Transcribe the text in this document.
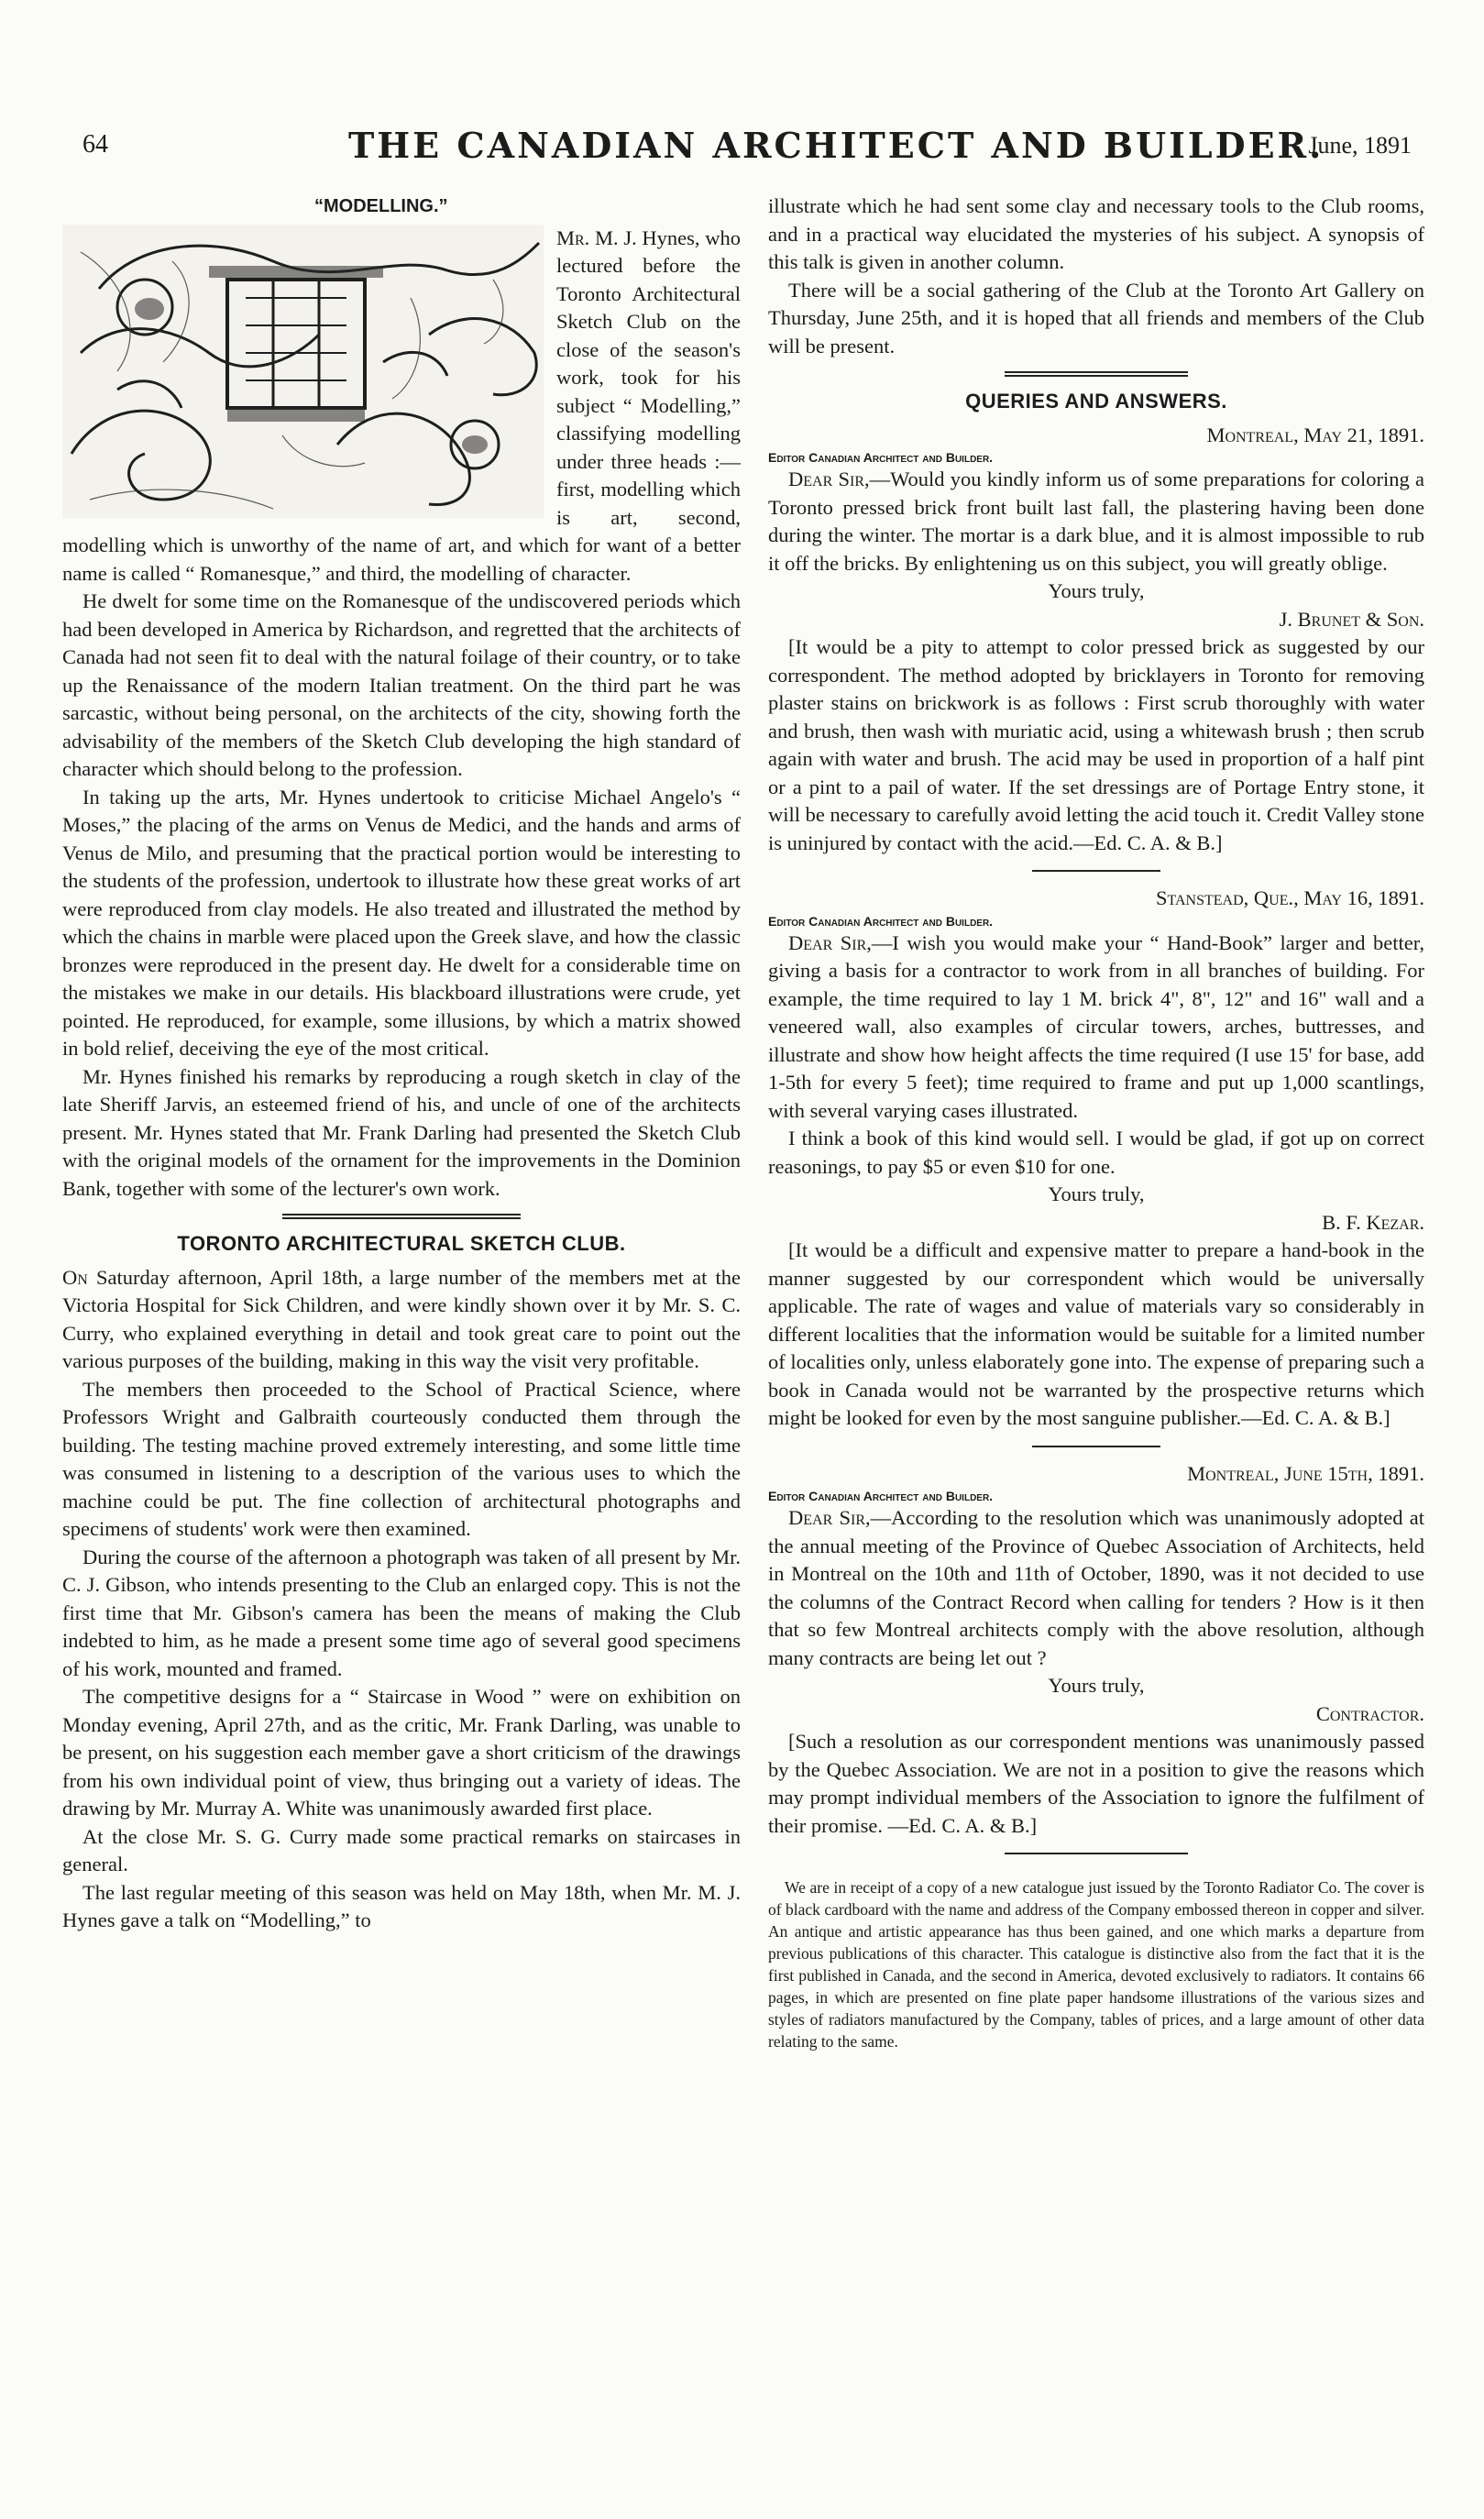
64	THE CANADIAN ARCHITECT AND BUILDER.
June, 1891
“MODELLING.”

Mr. M. J. Hynes, who lectured before the Toronto Architectural Sketch Club on the close of the season's work, took for his subject “ Modelling,” classifying modelling under three heads :—first, modelling which is art, second, modelling which is unworthy of the name of art, and which for want of a better name is called “ Romanesque,” and third, the modelling of character.

He dwelt for some time on the Romanesque of the undiscovered periods which had been developed in America by Richardson, and regretted that the architects of Canada had not seen fit to deal with the natural foilage of their country, or to take up the Renaissance of the modern Italian treatment. On the third part he was sarcastic, without being personal, on the architects of the city, showing forth the advisability of the members of the Sketch Club developing the high standard of character which should belong to the profession.

In taking up the arts, Mr. Hynes undertook to criticise Michael Angelo's “ Moses,” the placing of the arms on Venus de Medici, and the hands and arms of Venus de Milo, and presuming that the practical portion would be interesting to the students of the profession, undertook to illustrate how these great works of art were reproduced from clay models. He also treated and illustrated the method by which the chains in marble were placed upon the Greek slave, and how the classic bronzes were reproduced in the present day. He dwelt for a considerable time on the mistakes we make in our details. His blackboard illustrations were crude, yet pointed. He reproduced, for example, some illusions, by which a matrix showed in bold relief, deceiving the eye of the most critical.

Mr. Hynes finished his remarks by reproducing a rough sketch in clay of the late Sheriff Jarvis, an esteemed friend of his, and uncle of one of the architects present. Mr. Hynes stated that Mr. Frank Darling had presented the Sketch Club with the original models of the ornament for the improvements in the Dominion Bank, together with some of the lecturer's own work.

TORONTO ARCHITECTURAL SKETCH CLUB.

On Saturday afternoon, April 18th, a large number of the members met at the Victoria Hospital for Sick Children, and were kindly shown over it by Mr. S. C. Curry, who explained everything in detail and took great care to point out the various purposes of the building, making in this way the visit very profitable.

The members then proceeded to the School of Practical Science, where Professors Wright and Galbraith courteously conducted them through the building. The testing machine proved extremely interesting, and some little time was consumed in listening to a description of the various uses to which the machine could be put. The fine collection of architectural photographs and specimens of students' work were then examined.

During the course of the afternoon a photograph was taken of all present by Mr. C. J. Gibson, who intends presenting to the Club an enlarged copy. This is not the first time that Mr. Gibson's camera has been the means of making the Club indebted to him, as he made a present some time ago of several good specimens of his work, mounted and framed.

The competitive designs for a “ Staircase in Wood ” were on exhibition on Monday evening, April 27th, and as the critic, Mr. Frank Darling, was unable to be present, on his suggestion each member gave a short criticism of the drawings from his own individual point of view, thus bringing out a variety of ideas. The drawing by Mr. Murray A. White was unanimously awarded first place.

At the close Mr. S. G. Curry made some practical remarks on staircases in general.

The last regular meeting of this season was held on May 18th, when Mr. M. J. Hynes gave a talk on “Modelling,” to

illustrate which he had sent some clay and necessary tools to the Club rooms, and in a practical way elucidated the mysteries of his subject. A synopsis of this talk is given in another column.

There will be a social gathering of the Club at the Toronto Art Gallery on Thursday, June 25th, and it is hoped that all friends and members of the Club will be present.

QUERIES AND ANSWERS.

Montreal, May 21, 1891.

Editor Canadian Architect and Builder.

Dear Sir,—Would you kindly inform us of some preparations for coloring a Toronto pressed brick front built last fall, the plastering having been done during the winter. The mortar is a dark blue, and it is almost impossible to rub it off the bricks. By enlightening us on this subject, you will greatly oblige.

Yours truly,

J. Brunet & Son.

[It would be a pity to attempt to color pressed brick as suggested by our correspondent. The method adopted by bricklayers in Toronto for removing plaster stains on brickwork is as follows : First scrub thoroughly with water and brush, then wash with muriatic acid, using a whitewash brush ; then scrub again with water and brush. The acid may be used in proportion of a half pint or a pint to a pail of water. If the set dressings are of Portage Entry stone, it will be necessary to carefully avoid letting the acid touch it. Credit Valley stone is uninjured by contact with the acid.—Ed. C. A. & B.]

Stanstead, Que., May 16, 1891.

Editor Canadian Architect and Builder.

Dear Sir,—I wish you would make your “ Hand-Book” larger and better, giving a basis for a contractor to work from in all branches of building. For example, the time required to lay 1 M. brick 4", 8", 12" and 16" wall and a veneered wall, also examples of circular towers, arches, buttresses, and illustrate and show how height affects the time required (I use 15' for base, add 1-5th for every 5 feet); time required to frame and put up 1,000 scantlings, with several varying cases illustrated.

I think a book of this kind would sell. I would be glad, if got up on correct reasonings, to pay $5 or even $10 for one.

Yours truly,

B. F. Kezar.

[It would be a difficult and expensive matter to prepare a hand-book in the manner suggested by our correspondent which would be universally applicable. The rate of wages and value of materials vary so considerably in different localities that the information would be suitable for a limited number of localities only, unless elaborately gone into. The expense of preparing such a book in Canada would not be warranted by the prospective returns which might be looked for even by the most sanguine publisher.—Ed. C. A. & B.]

Montreal, June 15th, 1891.

Editor Canadian Architect and Builder.

Dear Sir,—According to the resolution which was unanimously adopted at the annual meeting of the Province of Quebec Association of Architects, held in Montreal on the 10th and 11th of October, 1890, was it not decided to use the columns of the Contract Record when calling for tenders ? How is it then that so few Montreal architects comply with the above resolution, although many contracts are being let out ?

Yours truly,

Contractor.

[Such a resolution as our correspondent mentions was unanimously passed by the Quebec Association. We are not in a position to give the reasons which may prompt individual members of the Association to ignore the fulfilment of their promise. —Ed. C. A. & B.]

We are in receipt of a copy of a new catalogue just issued by the Toronto Radiator Co. The cover is of black cardboard with the name and address of the Company embossed thereon in copper and silver. An antique and artistic appearance has thus been gained, and one which marks a departure from previous publications of this character. This catalogue is distinctive also from the fact that it is the first published in Canada, and the second in America, devoted exclusively to radiators. It contains 66 pages, in which are presented on fine plate paper handsome illustrations of the various sizes and styles of radiators manufactured by the Company, tables of prices, and a large amount of other data relating to the same.
